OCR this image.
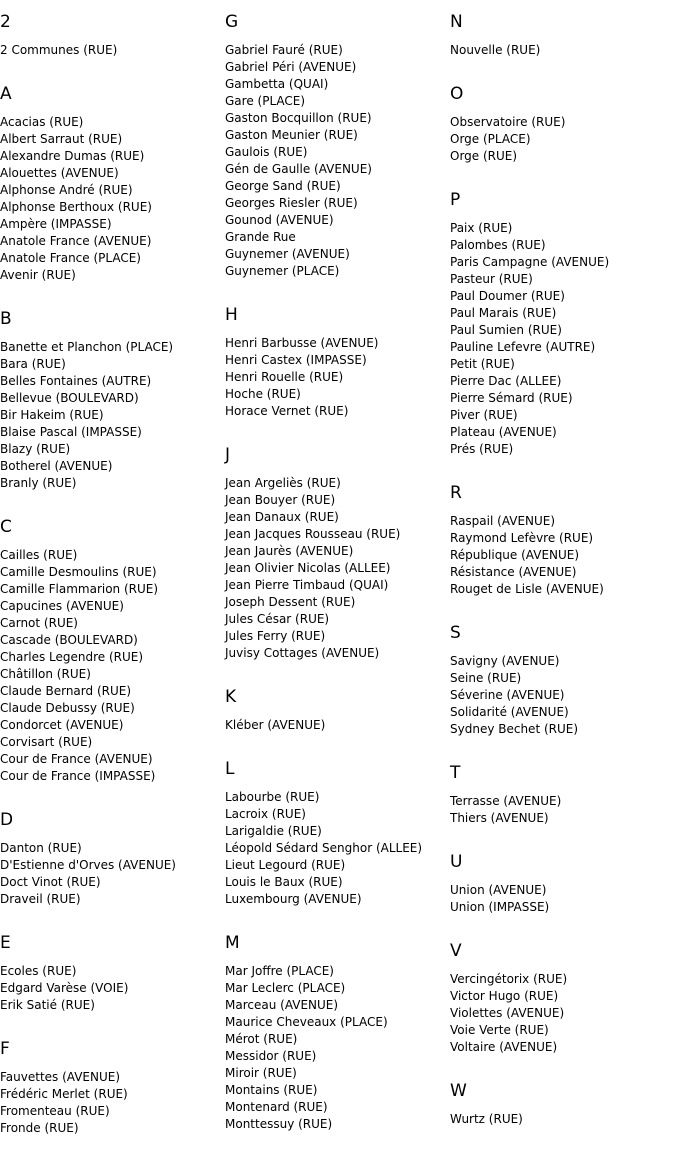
2
2 Communes (RUE)
A
Acacias (RUE)
Albert Sarraut (RUE)
Alexandre Dumas (RUE)
Alouettes (AVENUE)
Alphonse André (RUE)
Alphonse Berthoux (RUE)
Ampère (IMPASSE)
Anatole France (AVENUE)
Anatole France (PLACE)
Avenir (RUE)
B
Banette et Planchon (PLACE)
Bara (RUE)
Belles Fontaines (AUTRE)
Bellevue (BOULEVARD)
Bir Hakeim (RUE)
Blaise Pascal (IMPASSE)
Blazy (RUE)
Botherel (AVENUE)
Branly (RUE)
C
Cailles (RUE)
Camille Desmoulins (RUE)
Camille Flammarion (RUE)
Capucines (AVENUE)
Carnot (RUE)
Cascade (BOULEVARD)
Charles Legendre (RUE)
Châtillon (RUE)
Claude Bernard (RUE)
Claude Debussy (RUE)
Condorcet (AVENUE)
Corvisart (RUE)
Cour de France (AVENUE)
Cour de France (IMPASSE)
D
Danton (RUE)
D'Estienne d'Orves (AVENUE)
Doct Vinot (RUE)
Draveil (RUE)
E
Ecoles (RUE)
Edgard Varèse (VOIE)
Erik Satié (RUE)
F
Fauvettes (AVENUE)
Frédéric Merlet (RUE)
Fromenteau (RUE)
Fronde (RUE)
G
Gabriel Fauré (RUE)
Gabriel Péri (AVENUE)
Gambetta (QUAI)
Gare (PLACE)
Gaston Bocquillon (RUE)
Gaston Meunier (RUE)
Gaulois (RUE)
Gén de Gaulle (AVENUE)
George Sand (RUE)
Georges Riesler (RUE)
Gounod (AVENUE)
Grande Rue
Guynemer (AVENUE)
Guynemer (PLACE)
H
Henri Barbusse (AVENUE)
Henri Castex (IMPASSE)
Henri Rouelle (RUE)
Hoche (RUE)
Horace Vernet (RUE)
J
Jean Argeliès (RUE)
Jean Bouyer (RUE)
Jean Danaux (RUE)
Jean Jacques Rousseau (RUE)
Jean Jaurès (AVENUE)
Jean Olivier Nicolas (ALLEE)
Jean Pierre Timbaud (QUAI)
Joseph Dessent (RUE)
Jules César (RUE)
Jules Ferry (RUE)
Juvisy Cottages (AVENUE)
K
Kléber (AVENUE)
L
Labourbe (RUE)
Lacroix (RUE)
Larigaldie (RUE)
Léopold Sédard Senghor (ALLEE)
Lieut Legourd (RUE)
Louis le Baux (RUE)
Luxembourg (AVENUE)
M
Mar Joffre (PLACE)
Mar Leclerc (PLACE)
Marceau (AVENUE)
Maurice Cheveaux (PLACE)
Mérot (RUE)
Messidor (RUE)
Miroir (RUE)
Montains (RUE)
Montenard (RUE)
Monttessuy (RUE)
N
Nouvelle (RUE)
O
Observatoire (RUE)
Orge (PLACE)
Orge (RUE)
P
Paix (RUE)
Palombes (RUE)
Paris Campagne (AVENUE)
Pasteur (RUE)
Paul Doumer (RUE)
Paul Marais (RUE)
Paul Sumien (RUE)
Pauline Lefevre (AUTRE)
Petit (RUE)
Pierre Dac (ALLEE)
Pierre Sémard (RUE)
Piver (RUE)
Plateau (AVENUE)
Prés (RUE)
R
Raspail (AVENUE)
Raymond Lefèvre (RUE)
République (AVENUE)
Résistance (AVENUE)
Rouget de Lisle (AVENUE)
S
Savigny (AVENUE)
Seine (RUE)
Séverine (AVENUE)
Solidarité (AVENUE)
Sydney Bechet (RUE)
T
Terrasse (AVENUE)
Thiers (AVENUE)
U
Union (AVENUE)
Union (IMPASSE)
V
Vercingétorix (RUE)
Victor Hugo (RUE)
Violettes (AVENUE)
Voie Verte (RUE)
Voltaire (AVENUE)
W
Wurtz (RUE)
